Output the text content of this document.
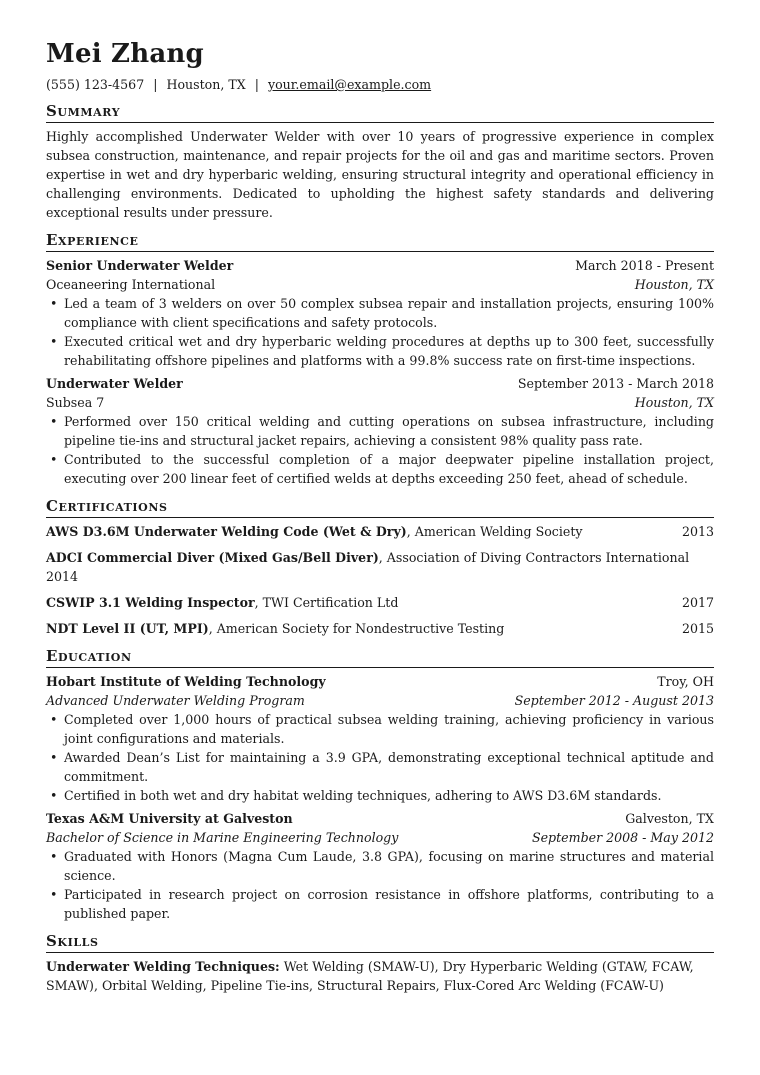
Mei Zhang
(555) 123-4567 | Houston, TX | your.email@example.com
Summary

Highly accomplished Underwater Welder with over 10 years of progressive experience in complex subsea construction, maintenance, and repair projects for the oil and gas and maritime sectors. Proven expertise in wet and dry hyperbaric welding, ensuring structural integrity and operational efficiency in challenging environments. Dedicated to upholding the highest safety standards and delivering exceptional results under pressure.

Experience
Senior Underwater Welder	March 2018 - Present
Oceaneering International	Houston, TX
• Led a team of 3 welders on over 50 complex subsea repair and installation projects, ensuring 100% compliance with client specifications and safety protocols.
• Executed critical wet and dry hyperbaric welding procedures at depths up to 300 feet, successfully rehabilitating offshore pipelines and platforms with a 99.8% success rate on first-time inspections.
Underwater Welder	September 2013 - March 2018
Subsea 7	Houston, TX
• Performed over 150 critical welding and cutting operations on subsea infrastructure, including pipeline tie-ins and structural jacket repairs, achieving a consistent 98% quality pass rate.
• Contributed to the successful completion of a major deepwater pipeline installation project, executing over 200 linear feet of certified welds at depths exceeding 250 feet, ahead of schedule.
Certifications
AWS D3.6M Underwater Welding Code (Wet & Dry), American Welding Society	2013
ADCI Commercial Diver (Mixed Gas/Bell Diver), Association of Diving Contractors International
2014
CSWIP 3.1 Welding Inspector, TWI Certification Ltd	2017
NDT Level II (UT, MPI), American Society for Nondestructive Testing	2015
Education
Hobart Institute of Welding Technology	Troy, OH
Advanced Underwater Welding Program	September 2012 - August 2013
• Completed over 1,000 hours of practical subsea welding training, achieving proficiency in various joint configurations and materials.
• Awarded Dean’s List for maintaining a 3.9 GPA, demonstrating exceptional technical aptitude and commitment.
• Certified in both wet and dry habitat welding techniques, adhering to AWS D3.6M standards.
Texas A&M University at Galveston	Galveston, TX
Bachelor of Science in Marine Engineering Technology	September 2008 - May 2012
• Graduated with Honors (Magna Cum Laude, 3.8 GPA), focusing on marine structures and material science.
• Participated in research project on corrosion resistance in offshore platforms, contributing to a published paper.
Skills

Underwater Welding Techniques: Wet Welding (SMAW-U), Dry Hyperbaric Welding (GTAW, FCAW, SMAW), Orbital Welding, Pipeline Tie-ins, Structural Repairs, Flux-Cored Arc Welding (FCAW-U)
